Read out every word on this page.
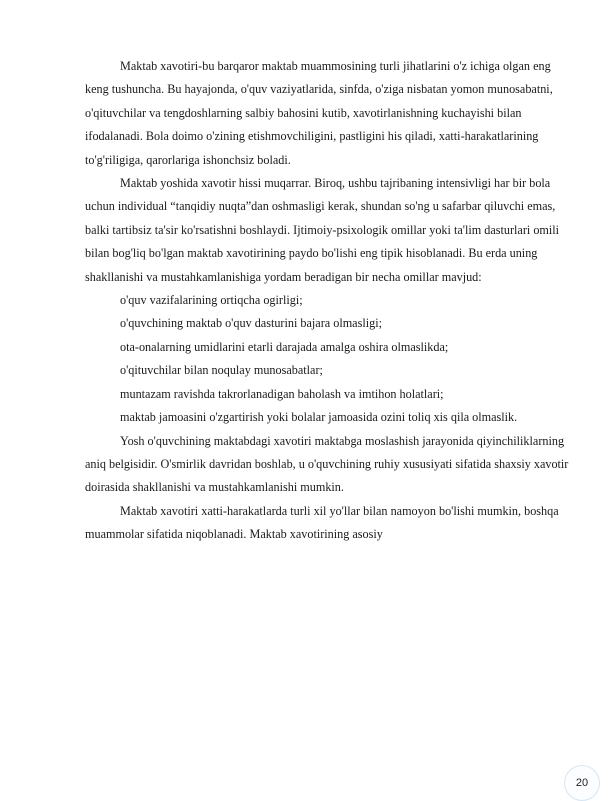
Maktab xavotiri-bu barqaror maktab muammosining turli jihatlarini o'z ichiga olgan eng keng tushuncha. Bu hayajonda, o'quv vaziyatlarida, sinfda, o'ziga nisbatan yomon munosabatni, o'qituvchilar va tengdoshlarning salbiy bahosini kutib, xavotirlanishning kuchayishi bilan ifodalanadi. Bola doimo o'zining etishmovchiligini, pastligini his qiladi, xatti-harakatlarining to'g'riligiga, qarorlariga ishonchsiz boladi.

Maktab yoshida xavotir hissi muqarrar. Biroq, ushbu tajribaning intensivligi har bir bola uchun individual “tanqidiy nuqta”dan oshmasligi kerak, shundan so'ng u safarbar qiluvchi emas, balki tartibsiz ta'sir ko'rsatishni boshlaydi. Ijtimoiy-psixologik omillar yoki ta'lim dasturlari omili bilan bog'liq bo'lgan maktab xavotirining paydo bo'lishi eng tipik hisoblanadi. Bu erda uning shakllanishi va mustahkamlanishiga yordam beradigan bir necha omillar mavjud:

o'quv vazifalarining ortiqcha ogirligi;

o'quvchining maktab o'quv dasturini bajara olmasligi;

ota-onalarning umidlarini etarli darajada amalga oshira olmaslikda;

o'qituvchilar bilan noqulay munosabatlar;

muntazam ravishda takrorlanadigan baholash va imtihon holatlari;

maktab jamoasini o'zgartirish yoki bolalar jamoasida ozini toliq xis qila olmaslik.

Yosh o'quvchining maktabdagi xavotiri maktabga moslashish jarayonida qiyinchiliklarning aniq belgisidir. O'smirlik davridan boshlab, u o'quvchining ruhiy xususiyati sifatida shaxsiy xavotir doirasida shakllanishi va mustahkamlanishi mumkin.

Maktab xavotiri xatti-harakatlarda turli xil yo'llar bilan namoyon bo'lishi mumkin, boshqa muammolar sifatida niqoblanadi. Maktab xavotirining asosiy

20
